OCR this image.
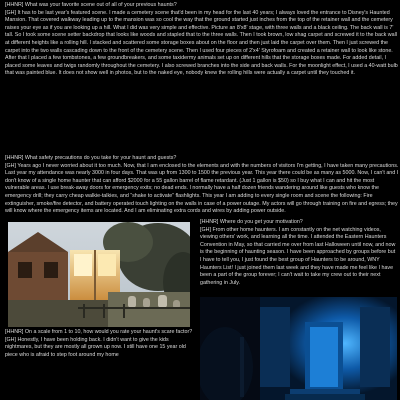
[HHNR] What was your favorite scene out of all of your previous haunts?
[GH] It has to be last year's featured scene. I made a cemetery scene that'd been in my head for the last 40 years; I always loved the entrance to Disney's Haunted Mansion. That covered walkway leading up to the mansion was so cool the way that the ground started just inches from the top of the retainer wall and the cemetery raises your eye as if you are looking up a hill. What I did was very simple and effective. Picture an 8'x8' stage, with three walls and a black ceiling. The back wall is 7' tall. So I took some scene setter backdrop that looks like woods and stapled that to the three walls. Then I took brown, low shag carpet and screwed it to the back wall at different heights like a rolling hill. I stacked and scattered some storage boxes about on the floor and then just laid the carpet over them. Then I just screwed the carpet into the two walls cascading down to the front of the cemetery scene. Then I used four pieces of 2'x4' Styrofoam and created a retainer wall to look like stone. After that I placed a few tombstones, a few groundbreakers, and some taxidermy animals set up on different hills that the storage boxes made. For added detail, I placed some leaves and twigs randomly throughout the cemetery. I also screwed branches into the side and back walls. For the moonlight effect, I used a 40-watt bulb that was painted blue. It does not show well in photos, but to the naked eye, nobody knew the rolling hills were actually a carpet until they touched it.

[HHNR] What safety precautions do you take for your haunt and guests?
[GH] Years ago I never worried about it too much. Now, that I am enclosed to the elements and with the numbers of visitors I'm getting, I have taken many precautions. Last year my attendance was nearly 3000 in four days. That was up from 1300 to 1500 the previous year. This year there could be as many as 5000. Now, I can't and I don't know of a single home haunter that can afford $2000 for a 55 gallon barrel of flame retardant. (Just 1 gallon is $50) so I buy what I can and hit the most vulnerable areas. I use break-away doors for emergency exits; no dead ends. I normally have a half dozen friends wandering around like guests who know the emergency drill; they carry cheap walkie-talkies, and “shake to activate” flashlights. This year I am adding to every single room and scene the following: Fire extinguisher, smoke/fire detector, and battery operated touch lighting on the walls in case of a power outage. My actors will go through training on fire and egress; they will know where the emergency items are located. And I am eliminating extra cords and wires by adding power outside.

[HHNR] Where do you get your motivation?
[GH] From other home haunters. I am constantly on the net watching videos, viewing others' work, and learning all the time. I attended the Eastern Haunters Convention in May, so that carried me over from last Halloween until now, and now is the beginning of haunting season. I have been approached by groups before but I have to tell you, I just found the best group of Haunters to be around, WNY Haunters List! I just joined them last week and they have made me feel like I have been a part of the group forever; I can't wait to take my crew out to their next gathering in July.

[HHNR] On a scale from 1 to 10, how would you rate your haunt's scare factor?
[GH] Honestly, I have been holding back. I didn't want to give the kids nightmares, but they are mostly all grown up now. I still have one 15 year old piece who is afraid to step foot around my home
